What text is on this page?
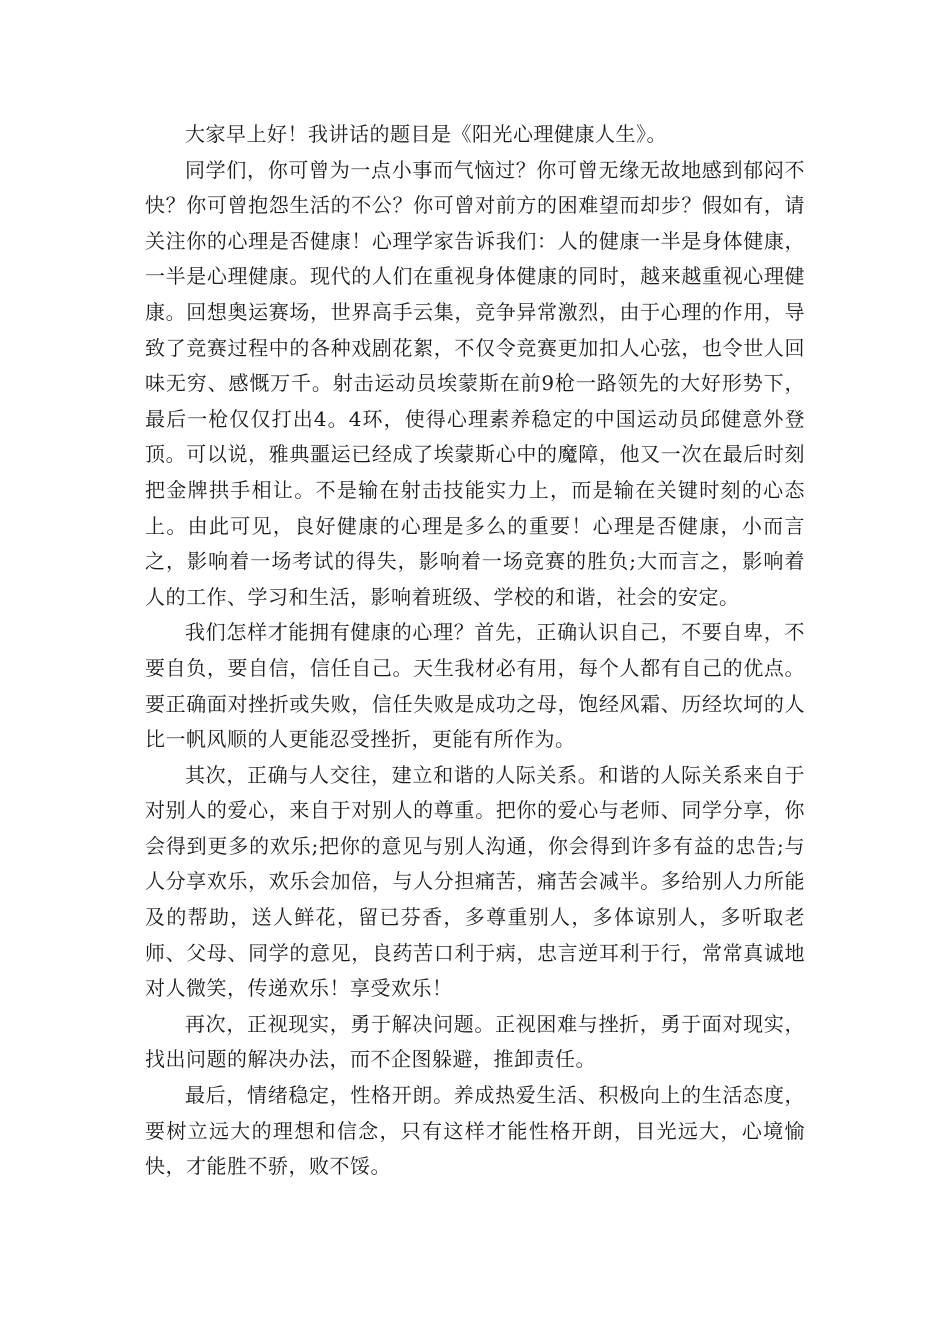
大家早上好！我讲话的题目是《阳光心理健康人生》。

同学们，你可曾为一点小事而气恼过？你可曾无缘无故地感到郁闷不快？你可曾抱怨生活的不公？你可曾对前方的困难望而却步？假如有，请关注你的心理是否健康！心理学家告诉我们：人的健康一半是身体健康，一半是心理健康。现代的人们在重视身体健康的同时，越来越重视心理健康。回想奥运赛场，世界高手云集，竞争异常激烈，由于心理的作用，导致了竞赛过程中的各种戏剧花絮，不仅令竞赛更加扣人心弦，也令世人回味无穷、感慨万千。射击运动员埃蒙斯在前9枪一路领先的大好形势下，最后一枪仅仅打出4。4环，使得心理素养稳定的中国运动员邱健意外登顶。可以说，雅典噩运已经成了埃蒙斯心中的魔障，他又一次在最后时刻把金牌拱手相让。不是输在射击技能实力上，而是输在关键时刻的心态上。由此可见，良好健康的心理是多么的重要！心理是否健康，小而言之，影响着一场考试的得失，影响着一场竞赛的胜负;大而言之，影响着人的工作、学习和生活，影响着班级、学校的和谐，社会的安定。

我们怎样才能拥有健康的心理？首先，正确认识自己，不要自卑，不要自负，要自信，信任自己。天生我材必有用，每个人都有自己的优点。要正确面对挫折或失败，信任失败是成功之母，饱经风霜、历经坎坷的人比一帆风顺的人更能忍受挫折，更能有所作为。

其次，正确与人交往，建立和谐的人际关系。和谐的人际关系来自于对别人的爱心，来自于对别人的尊重。把你的爱心与老师、同学分享，你会得到更多的欢乐;把你的意见与别人沟通，你会得到许多有益的忠告;与人分享欢乐，欢乐会加倍，与人分担痛苦，痛苦会减半。多给别人力所能及的帮助，送人鲜花，留已芬香，多尊重别人，多体谅别人，多听取老师、父母、同学的意见，良药苦口利于病，忠言逆耳利于行，常常真诚地对人微笑，传递欢乐！享受欢乐！

再次，正视现实，勇于解决问题。正视困难与挫折，勇于面对现实，找出问题的解决办法，而不企图躲避，推卸责任。

最后，情绪稳定，性格开朗。养成热爱生活、积极向上的生活态度，要树立远大的理想和信念，只有这样才能性格开朗，目光远大，心境愉快，才能胜不骄，败不馁。
